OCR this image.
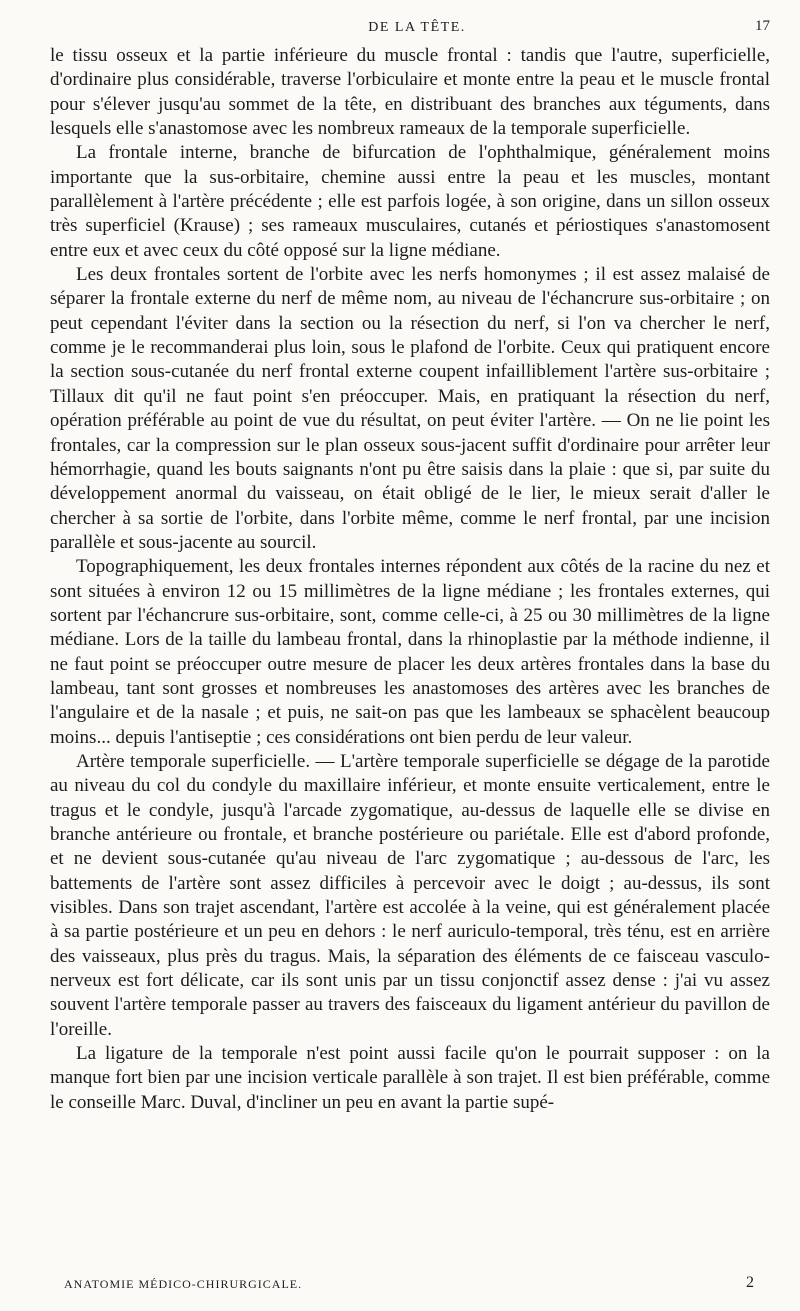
DE LA TÊTE.	17

le tissu osseux et la partie inférieure du muscle frontal : tandis que l'autre, superficielle, d'ordinaire plus considérable, traverse l'orbiculaire et monte entre la peau et le muscle frontal pour s'élever jusqu'au sommet de la tête, en distribuant des branches aux téguments, dans lesquels elle s'anastomose avec les nombreux rameaux de la temporale superficielle.

La frontale interne, branche de bifurcation de l'ophthalmique, généralement moins importante que la sus-orbitaire, chemine aussi entre la peau et les muscles, montant parallèlement à l'artère précédente ; elle est parfois logée, à son origine, dans un sillon osseux très superficiel (Krause) ; ses rameaux musculaires, cutanés et périostiques s'anastomosent entre eux et avec ceux du côté opposé sur la ligne médiane.

Les deux frontales sortent de l'orbite avec les nerfs homonymes ; il est assez malaisé de séparer la frontale externe du nerf de même nom, au niveau de l'échancrure sus-orbitaire ; on peut cependant l'éviter dans la section ou la résection du nerf, si l'on va chercher le nerf, comme je le recommanderai plus loin, sous le plafond de l'orbite. Ceux qui pratiquent encore la section sous-cutanée du nerf frontal externe coupent infailliblement l'artère sus-orbitaire ; Tillaux dit qu'il ne faut point s'en préoccuper. Mais, en pratiquant la résection du nerf, opération préférable au point de vue du résultat, on peut éviter l'artère. — On ne lie point les frontales, car la compression sur le plan osseux sous-jacent suffit d'ordinaire pour arrêter leur hémorrhagie, quand les bouts saignants n'ont pu être saisis dans la plaie : que si, par suite du développement anormal du vaisseau, on était obligé de le lier, le mieux serait d'aller le chercher à sa sortie de l'orbite, dans l'orbite même, comme le nerf frontal, par une incision parallèle et sous-jacente au sourcil.

Topographiquement, les deux frontales internes répondent aux côtés de la racine du nez et sont situées à environ 12 ou 15 millimètres de la ligne médiane ; les frontales externes, qui sortent par l'échancrure sus-orbitaire, sont, comme celle-ci, à 25 ou 30 millimètres de la ligne médiane. Lors de la taille du lambeau frontal, dans la rhinoplastie par la méthode indienne, il ne faut point se préoccuper outre mesure de placer les deux artères frontales dans la base du lambeau, tant sont grosses et nombreuses les anastomoses des artères avec les branches de l'angulaire et de la nasale ; et puis, ne sait-on pas que les lambeaux se sphacèlent beaucoup moins... depuis l'antiseptie ; ces considérations ont bien perdu de leur valeur.

Artère temporale superficielle. — L'artère temporale superficielle se dégage de la parotide au niveau du col du condyle du maxillaire inférieur, et monte ensuite verticalement, entre le tragus et le condyle, jusqu'à l'arcade zygomatique, au-dessus de laquelle elle se divise en branche antérieure ou frontale, et branche postérieure ou pariétale. Elle est d'abord profonde, et ne devient sous-cutanée qu'au niveau de l'arc zygomatique ; au-dessous de l'arc, les battements de l'artère sont assez difficiles à percevoir avec le doigt ; au-dessus, ils sont visibles. Dans son trajet ascendant, l'artère est accolée à la veine, qui est généralement placée à sa partie postérieure et un peu en dehors : le nerf auriculo-temporal, très ténu, est en arrière des vaisseaux, plus près du tragus. Mais, la séparation des éléments de ce faisceau vasculo-nerveux est fort délicate, car ils sont unis par un tissu conjonctif assez dense : j'ai vu assez souvent l'artère temporale passer au travers des faisceaux du ligament antérieur du pavillon de l'oreille.

La ligature de la temporale n'est point aussi facile qu'on le pourrait supposer : on la manque fort bien par une incision verticale parallèle à son trajet. Il est bien préférable, comme le conseille Marc. Duval, d'incliner un peu en avant la partie supé-

ANATOMIE MÉDICO-CHIRURGICALE.	2
